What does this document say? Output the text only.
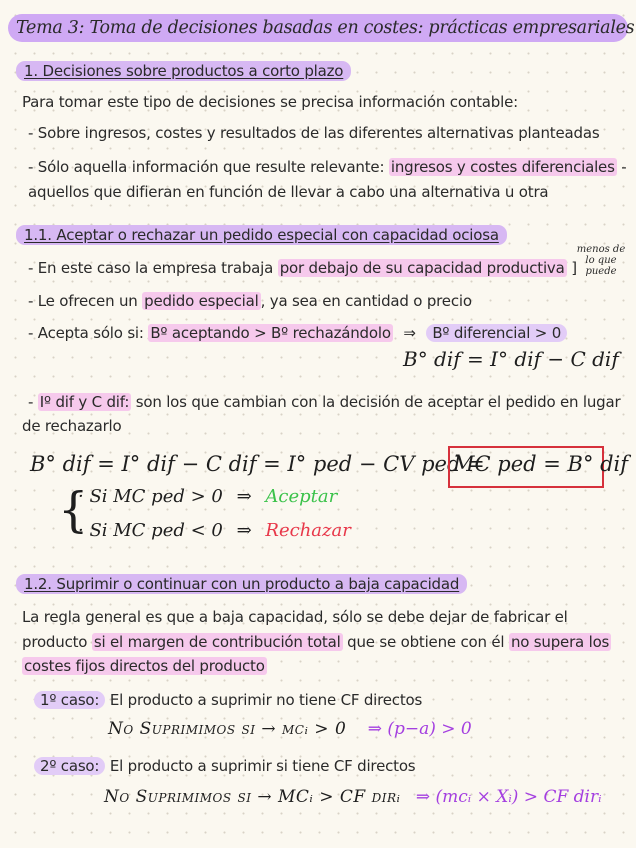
Tema 3: Toma de decisiones basadas en costes: prácticas empresariales
1. Decisiones sobre productos a corto plazo
Para tomar este tipo de decisiones se precisa información contable:
- Sobre ingresos, costes y resultados de las diferentes alternativas planteadas
- Sólo aquella información que resulte relevante: ingresos y costes diferenciales -
aquellos que difieran en función de llevar a cabo una alternativa u otra
1.1. Aceptar o rechazar un pedido especial con capacidad ociosa
- En este caso la empresa trabaja por debajo de su capacidad productiva ]
menos de lo que puede
- Le ofrecen un pedido especial , ya sea en cantidad o precio
- Acepta sólo si: Bº aceptando > Bº rechazándolo ⇒ Bº diferencial > 0
B° dif = I° dif − C dif
- Iº dif y C dif: son los que cambian con la decisión de aceptar el pedido en lugar
de rechazarlo
B° dif = I° dif − C dif = I° ped − CV ped =
MC ped = B° dif
{
· Si MC ped > 0 ⇒ Aceptar
· Si MC ped < 0 ⇒ Rechazar
1.2. Suprimir o continuar con un producto a baja capacidad
La regla general es que a baja capacidad, sólo se debe dejar de fabricar el
producto si el margen de contribución total que se obtiene con él no supera los
costes fijos directos del producto
1º caso: El producto a suprimir no tiene CF directos
No Suprimimos si → mcᵢ > 0 ⇒ (p−a) > 0
2º caso: El producto a suprimir si tiene CF directos
No Suprimimos si → MCᵢ > CF dirᵢ ⇒ (mcᵢ × Xᵢ) > CF dirᵢ
